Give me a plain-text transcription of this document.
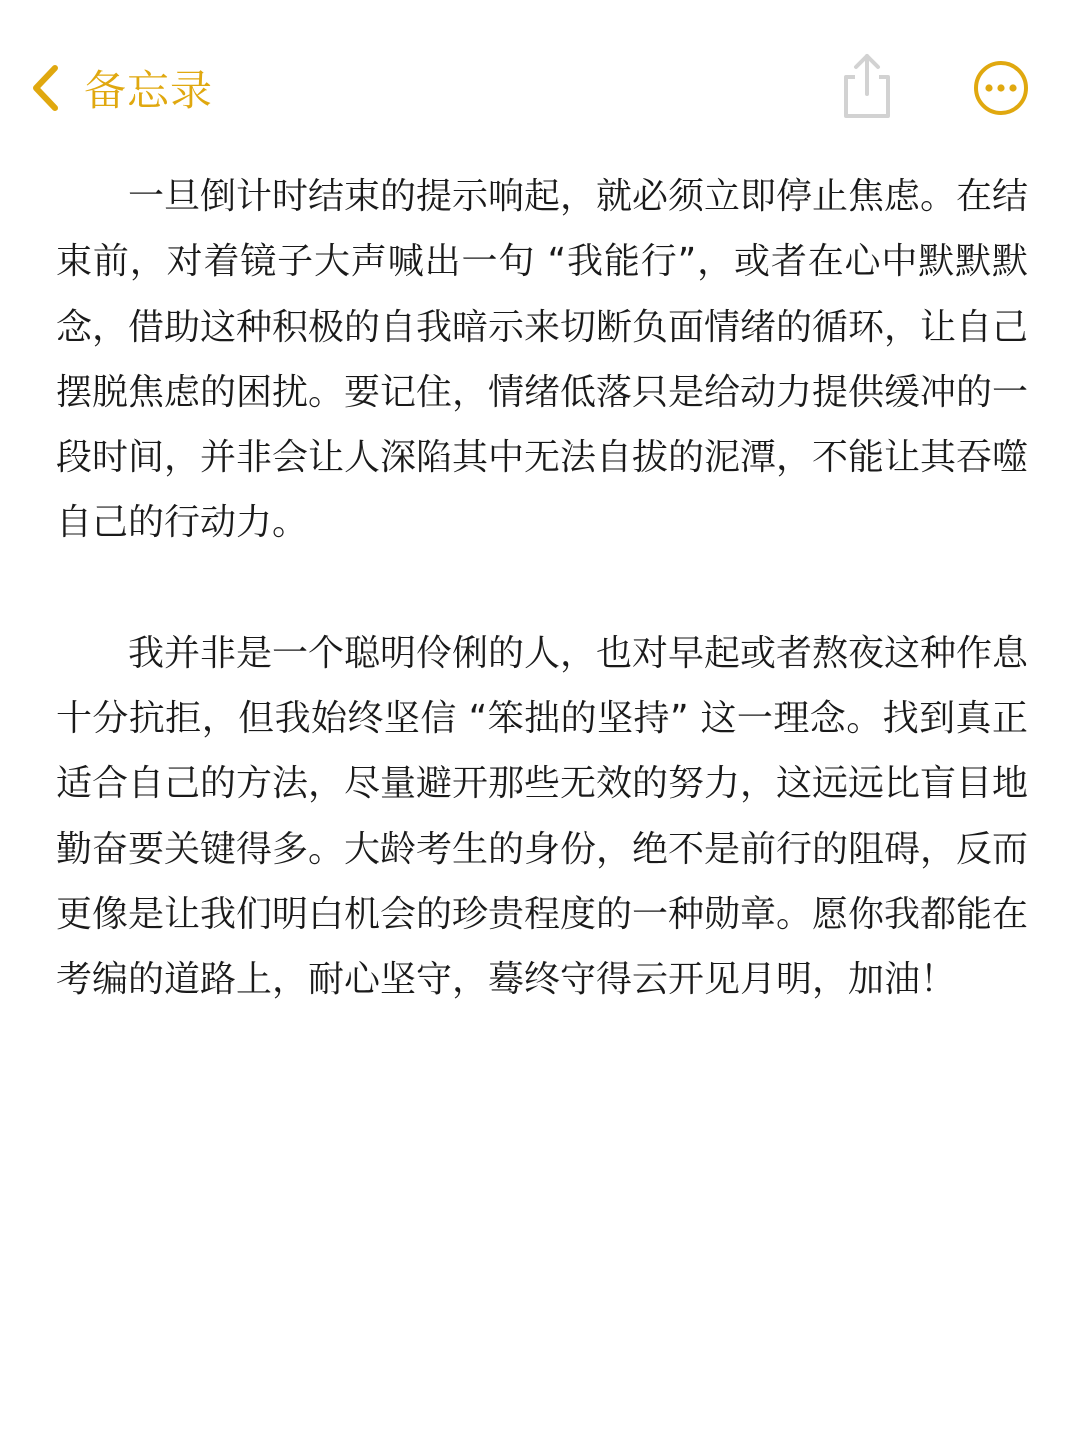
备忘录

一旦倒计时结束的提示响起，就必须立即停止焦虑。在结束前，对着镜子大声喊出一句 “我能行”，或者在心中默默默念，借助这种积极的自我暗示来切断负面情绪的循环，让自己摆脱焦虑的困扰。要记住，情绪低落只是给动力提供缓冲的一段时间，并非会让人深陷其中无法自拔的泥潭，不能让其吞噬自己的行动力。

我并非是一个聪明伶俐的人，也对早起或者熬夜这种作息十分抗拒，但我始终坚信 “笨拙的坚持” 这一理念。找到真正适合自己的方法，尽量避开那些无效的努力，这远远比盲目地勤奋要关键得多。大龄考生的身份，绝不是前行的阻碍，反而更像是让我们明白机会的珍贵程度的一种勋章。愿你我都能在考编的道路上，耐心坚守，蓦终守得云开见月明，加油！
